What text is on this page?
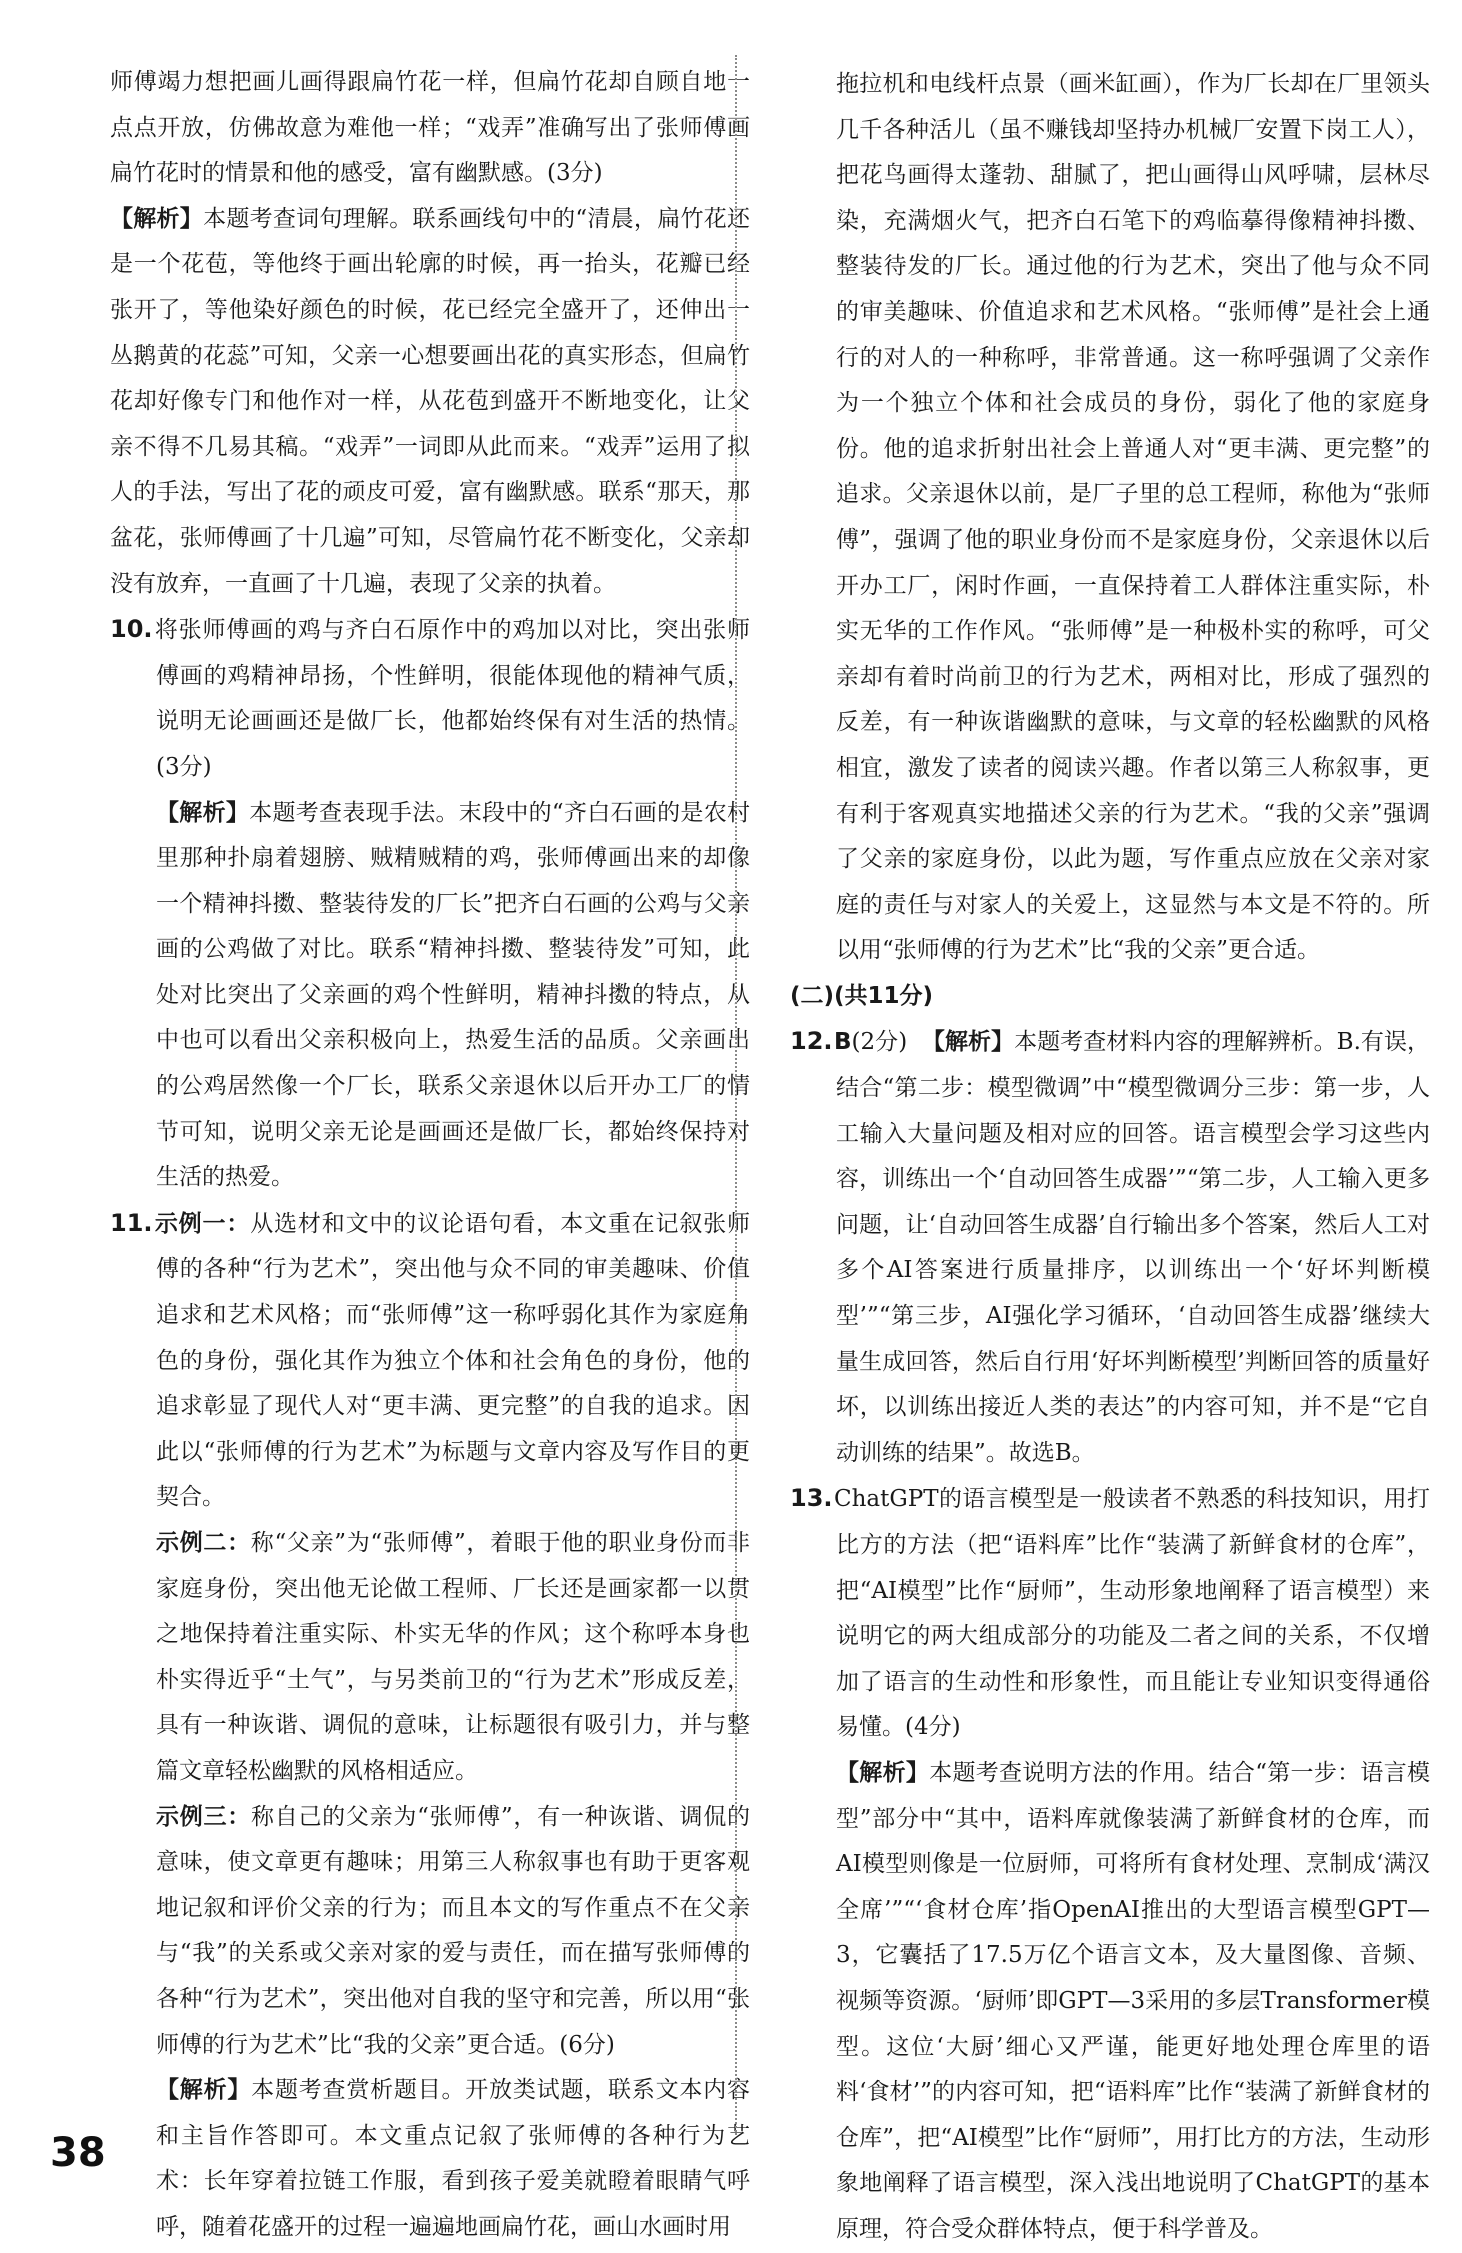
师傅竭力想把画儿画得跟扁竹花一样，但扁竹花却自顾自地一点点开放，仿佛故意为难他一样；“戏弄”准确写出了张师傅画扁竹花时的情景和他的感受，富有幽默感。(3分)

【解析】本题考查词句理解。联系画线句中的“清晨，扁竹花还是一个花苞，等他终于画出轮廓的时候，再一抬头，花瓣已经张开了，等他染好颜色的时候，花已经完全盛开了，还伸出一丛鹅黄的花蕊”可知，父亲一心想要画出花的真实形态，但扁竹花却好像专门和他作对一样，从花苞到盛开不断地变化，让父亲不得不几易其稿。“戏弄”一词即从此而来。“戏弄”运用了拟人的手法，写出了花的顽皮可爱，富有幽默感。联系“那天，那盆花，张师傅画了十几遍”可知，尽管扁竹花不断变化，父亲却没有放弃，一直画了十几遍，表现了父亲的执着。

10.将张师傅画的鸡与齐白石原作中的鸡加以对比，突出张师傅画的鸡精神昂扬，个性鲜明，很能体现他的精神气质，说明无论画画还是做厂长，他都始终保有对生活的热情。(3分)

【解析】本题考查表现手法。末段中的“齐白石画的是农村里那种扑扇着翅膀、贼精贼精的鸡，张师傅画出来的却像一个精神抖擞、整装待发的厂长”把齐白石画的公鸡与父亲画的公鸡做了对比。联系“精神抖擞、整装待发”可知，此处对比突出了父亲画的鸡个性鲜明，精神抖擞的特点，从中也可以看出父亲积极向上，热爱生活的品质。父亲画出的公鸡居然像一个厂长，联系父亲退休以后开办工厂的情节可知，说明父亲无论是画画还是做厂长，都始终保持对生活的热爱。

11.示例一：从选材和文中的议论语句看，本文重在记叙张师傅的各种“行为艺术”，突出他与众不同的审美趣味、价值追求和艺术风格；而“张师傅”这一称呼弱化其作为家庭角色的身份，强化其作为独立个体和社会角色的身份，他的追求彰显了现代人对“更丰满、更完整”的自我的追求。因此以“张师傅的行为艺术”为标题与文章内容及写作目的更契合。

示例二：称“父亲”为“张师傅”，着眼于他的职业身份而非家庭身份，突出他无论做工程师、厂长还是画家都一以贯之地保持着注重实际、朴实无华的作风；这个称呼本身也朴实得近乎“土气”，与另类前卫的“行为艺术”形成反差，具有一种诙谐、调侃的意味，让标题很有吸引力，并与整篇文章轻松幽默的风格相适应。

示例三：称自己的父亲为“张师傅”，有一种诙谐、调侃的意味，使文章更有趣味；用第三人称叙事也有助于更客观地记叙和评价父亲的行为；而且本文的写作重点不在父亲与“我”的关系或父亲对家的爱与责任，而在描写张师傅的各种“行为艺术”，突出他对自我的坚守和完善，所以用“张师傅的行为艺术”比“我的父亲”更合适。(6分)

【解析】本题考查赏析题目。开放类试题，联系文本内容和主旨作答即可。本文重点记叙了张师傅的各种行为艺术：长年穿着拉链工作服，看到孩子爱美就瞪着眼睛气呼呼，随着花盛开的过程一遍遍地画扁竹花，画山水画时用

拖拉机和电线杆点景（画米缸画），作为厂长却在厂里领头几千各种活儿（虽不赚钱却坚持办机械厂安置下岗工人），把花鸟画得太蓬勃、甜腻了，把山画得山风呼啸，层林尽染，充满烟火气，把齐白石笔下的鸡临摹得像精神抖擞、整装待发的厂长。通过他的行为艺术，突出了他与众不同的审美趣味、价值追求和艺术风格。“张师傅”是社会上通行的对人的一种称呼，非常普通。这一称呼强调了父亲作为一个独立个体和社会成员的身份，弱化了他的家庭身份。他的追求折射出社会上普通人对“更丰满、更完整”的追求。父亲退休以前，是厂子里的总工程师，称他为“张师傅”，强调了他的职业身份而不是家庭身份，父亲退休以后开办工厂，闲时作画，一直保持着工人群体注重实际，朴实无华的工作作风。“张师傅”是一种极朴实的称呼，可父亲却有着时尚前卫的行为艺术，两相对比，形成了强烈的反差，有一种诙谐幽默的意味，与文章的轻松幽默的风格相宜，激发了读者的阅读兴趣。作者以第三人称叙事，更有利于客观真实地描述父亲的行为艺术。“我的父亲”强调了父亲的家庭身份，以此为题，写作重点应放在父亲对家庭的责任与对家人的关爱上，这显然与本文是不符的。所以用“张师傅的行为艺术”比“我的父亲”更合适。

(二)(共11分)

12.B(2分) 【解析】本题考查材料内容的理解辨析。B.有误，结合“第二步：模型微调”中“模型微调分三步：第一步，人工输入大量问题及相对应的回答。语言模型会学习这些内容，训练出一个‘自动回答生成器’”“第二步，人工输入更多问题，让‘自动回答生成器’自行输出多个答案，然后人工对多个AI答案进行质量排序，以训练出一个‘好坏判断模型’”“第三步，AI强化学习循环，‘自动回答生成器’继续大量生成回答，然后自行用‘好坏判断模型’判断回答的质量好坏，以训练出接近人类的表达”的内容可知，并不是“它自动训练的结果”。故选B。

13.ChatGPT的语言模型是一般读者不熟悉的科技知识，用打比方的方法（把“语料库”比作“装满了新鲜食材的仓库”，把“AI模型”比作“厨师”，生动形象地阐释了语言模型）来说明它的两大组成部分的功能及二者之间的关系，不仅增加了语言的生动性和形象性，而且能让专业知识变得通俗易懂。(4分)

【解析】本题考查说明方法的作用。结合“第一步：语言模型”部分中“其中，语料库就像装满了新鲜食材的仓库，而AI模型则像是一位厨师，可将所有食材处理、烹制成‘满汉全席’”“‘食材仓库’指OpenAI推出的大型语言模型GPT—3，它囊括了17.5万亿个语言文本，及大量图像、音频、视频等资源。‘厨师’即GPT—3采用的多层Transformer模型。这位‘大厨’细心又严谨，能更好地处理仓库里的语料‘食材’”的内容可知，把“语料库”比作“装满了新鲜食材的仓库”，把“AI模型”比作“厨师”，用打比方的方法，生动形象地阐释了语言模型，深入浅出地说明了ChatGPT的基本原理，符合受众群体特点，便于科学普及。

38
